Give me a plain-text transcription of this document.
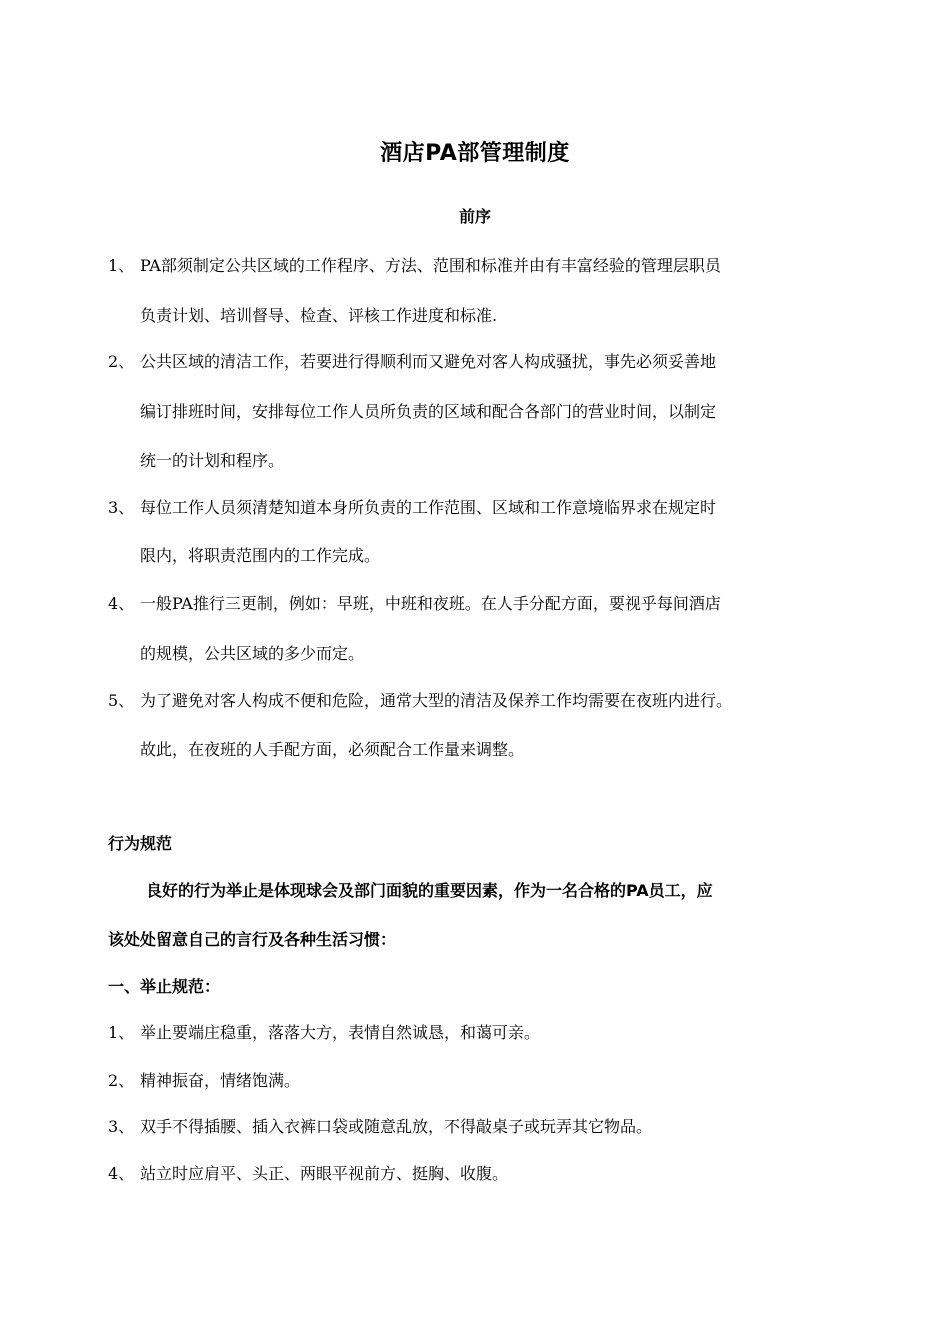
酒店PA部管理制度
前序
1、 PA部须制定公共区域的工作程序、方法、范围和标准并由有丰富经验的管理层职员
负责计划、培训督导、检查、评核工作进度和标准.
2、 公共区域的清洁工作，若要进行得顺利而又避免对客人构成骚扰，事先必须妥善地
编订排班时间，安排每位工作人员所负责的区域和配合各部门的营业时间，以制定
统一的计划和程序。
3、 每位工作人员须清楚知道本身所负责的工作范围、区域和工作意境临界求在规定时
限内，将职责范围内的工作完成。
4、 一般PA推行三更制，例如：早班，中班和夜班。在人手分配方面，要视乎每间酒店
的规模，公共区域的多少而定。
5、 为了避免对客人构成不便和危险，通常大型的清洁及保养工作均需要在夜班内进行。
故此，在夜班的人手配方面，必须配合工作量来调整。
行为规范
良好的行为举止是体现球会及部门面貌的重要因素，作为一名合格的PA员工，应
该处处留意自己的言行及各种生活习惯：
一、举止规范：
1、 举止要端庄稳重，落落大方，表情自然诚恳，和蔼可亲。
2、 精神振奋，情绪饱满。
3、 双手不得插腰、插入衣裤口袋或随意乱放，不得敲桌子或玩弄其它物品。
4、 站立时应肩平、头正、两眼平视前方、挺胸、收腹。
